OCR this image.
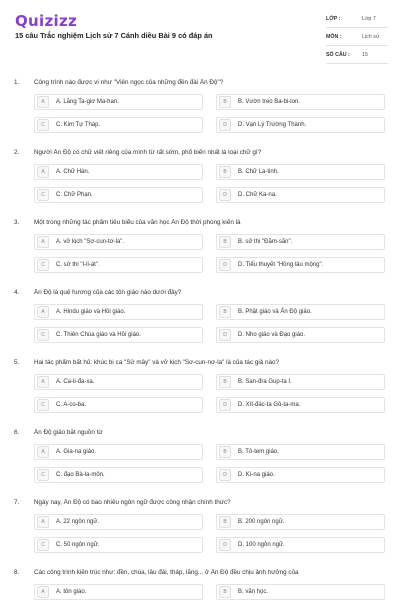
Quizizz
15 câu Trắc nghiệm Lịch sử 7 Cánh diều Bài 9 có đáp án
LỚP :	Lớp 7
MÔN :	Lịch sử
SỐ CÂU :	15
1. Công trình nào được ví như "Viên ngọc của những đền đài Ấn Độ"?
A	A. Lăng Ta-giơ Ma-han.	B	B. Vườn treo Ba-bi-lon.
C	C. Kim Tự Tháp.	D	D. Vạn Lý Trường Thành.
2. Người Ấn Độ có chữ viết riêng của mình từ rất sớm, phổ biến nhất là loại chữ gì?
A	A. Chữ Hán.	B	B. Chữ La-tinh.
C	C. Chữ Phạn.	D	D. Chữ Ka-na.
3. Một trong những tác phẩm tiêu biểu của văn học Ấn Độ thời phong kiến là
A	A. vở kịch "Sơ-cun-tơ-la".	B	B. sử thi "Đăm-săn".
C	C. sử thi "I-li-át".	D	D. Tiểu thuyết "Hồng lâu mộng".
4. Ấn Độ là quê hương của các tôn giáo nào dưới đây?
A	A. Hindu giáo và Hồi giáo.	B	B. Phật giáo và Ấn Độ giáo.
C	C. Thiên Chúa giáo và Hồi giáo.	D	D. Nho giáo và Đạo giáo.
5. Hai tác phẩm bất hủ: khúc bi ca "Sử mây" và vở kịch "Sơ-cun-nơ-la" là của tác giả nào?
A	A. Ca-li-đa-xa.	B	B. San-đra Gup-ta I.
C	C. A-co-ba.	D	D. Xít-đác-ta Gô-ta-ma.
6. Ấn Độ giáo bắt nguồn từ
A	A. Gia-na giáo.	B	B. Tô-tem giáo.
C	C. đạo Bà-la-môn.	D	D. Kì-na giáo.
7. Ngày nay, Ấn Độ có bao nhiêu ngôn ngữ được công nhận chính thức?
A	A. 22 ngôn ngữ.	B	B. 200 ngôn ngữ.
C	C. 50 ngôn ngữ.	D	D. 100 ngôn ngữ.
8. Các công trình kiến trúc như: đền, chùa, lâu đài, tháp, lăng... ở Ấn Độ đều chịu ảnh hưởng của
A	A. tôn giáo.	B	B. văn học.
